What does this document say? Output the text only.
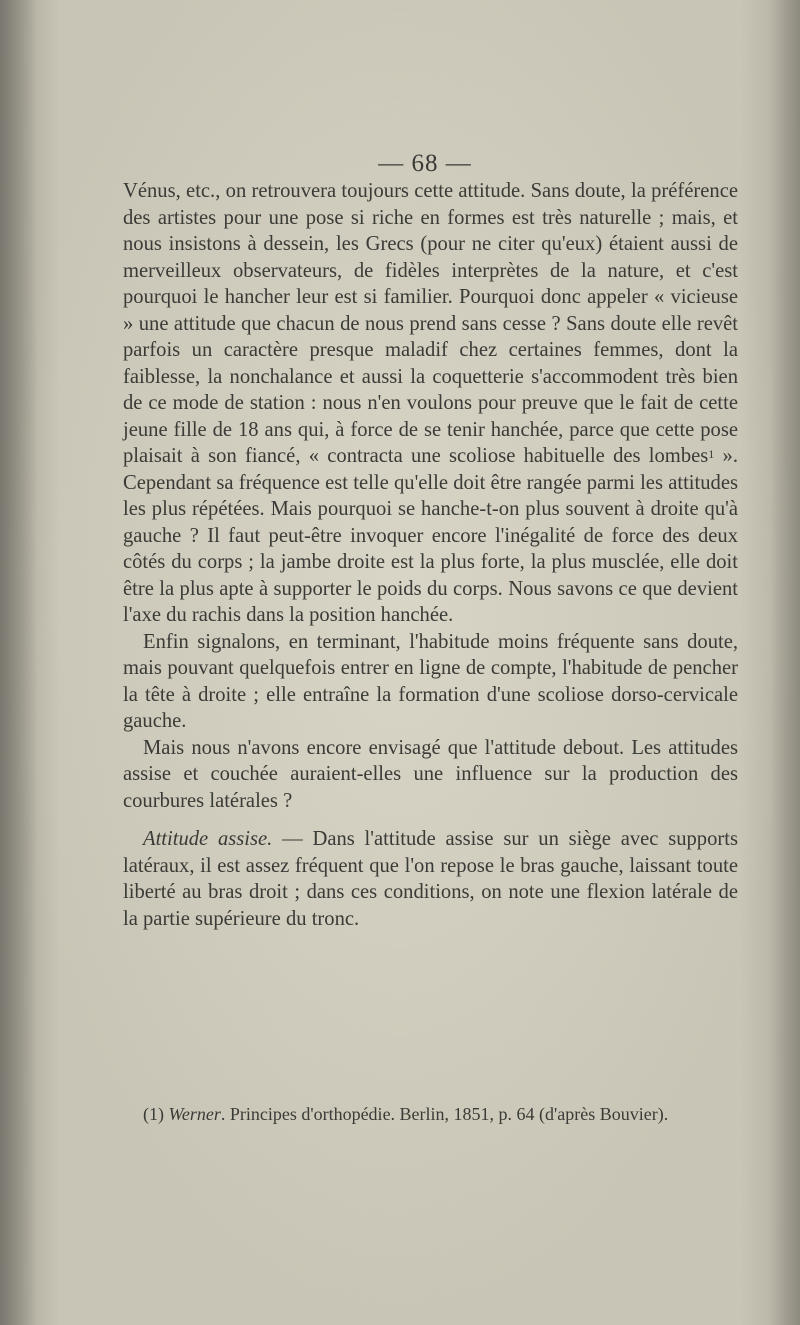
— 68 —

Vénus, etc., on retrouvera toujours cette attitude. Sans doute, la préférence des artistes pour une pose si riche en formes est très naturelle ; mais, et nous insistons à dessein, les Grecs (pour ne citer qu'eux) étaient aussi de merveilleux observateurs, de fidèles interprètes de la nature, et c'est pourquoi le hancher leur est si familier. Pourquoi donc appeler « vicieuse » une attitude que chacun de nous prend sans cesse ? Sans doute elle revêt parfois un caractère presque maladif chez certaines femmes, dont la faiblesse, la nonchalance et aussi la coquetterie s'accommodent très bien de ce mode de station : nous n'en voulons pour preuve que le fait de cette jeune fille de 18 ans qui, à force de se tenir hanchée, parce que cette pose plaisait à son fiancé, « contracta une scoliose habituelle des lombes$^1$ ». Cependant sa fréquence est telle qu'elle doit être rangée parmi les attitudes les plus répétées. Mais pourquoi se hanche-t-on plus souvent à droite qu'à gauche ? Il faut peut-être invoquer encore l'inégalité de force des deux côtés du corps ; la jambe droite est la plus forte, la plus musclée, elle doit être la plus apte à supporter le poids du corps. Nous savons ce que devient l'axe du rachis dans la position hanchée.

Enfin signalons, en terminant, l'habitude moins fréquente sans doute, mais pouvant quelquefois entrer en ligne de compte, l'habitude de pencher la tête à droite ; elle entraîne la formation d'une scoliose dorso-cervicale gauche.

Mais nous n'avons encore envisagé que l'attitude debout. Les attitudes assise et couchée auraient-elles une influence sur la production des courbures latérales ?

Attitude assise. — Dans l'attitude assise sur un siège avec supports latéraux, il est assez fréquent que l'on repose le bras gauche, laissant toute liberté au bras droit ; dans ces conditions, on note une flexion latérale de la partie supérieure du tronc.

(1) Werner. Principes d'orthopédie. Berlin, 1851, p. 64 (d'après Bouvier).
